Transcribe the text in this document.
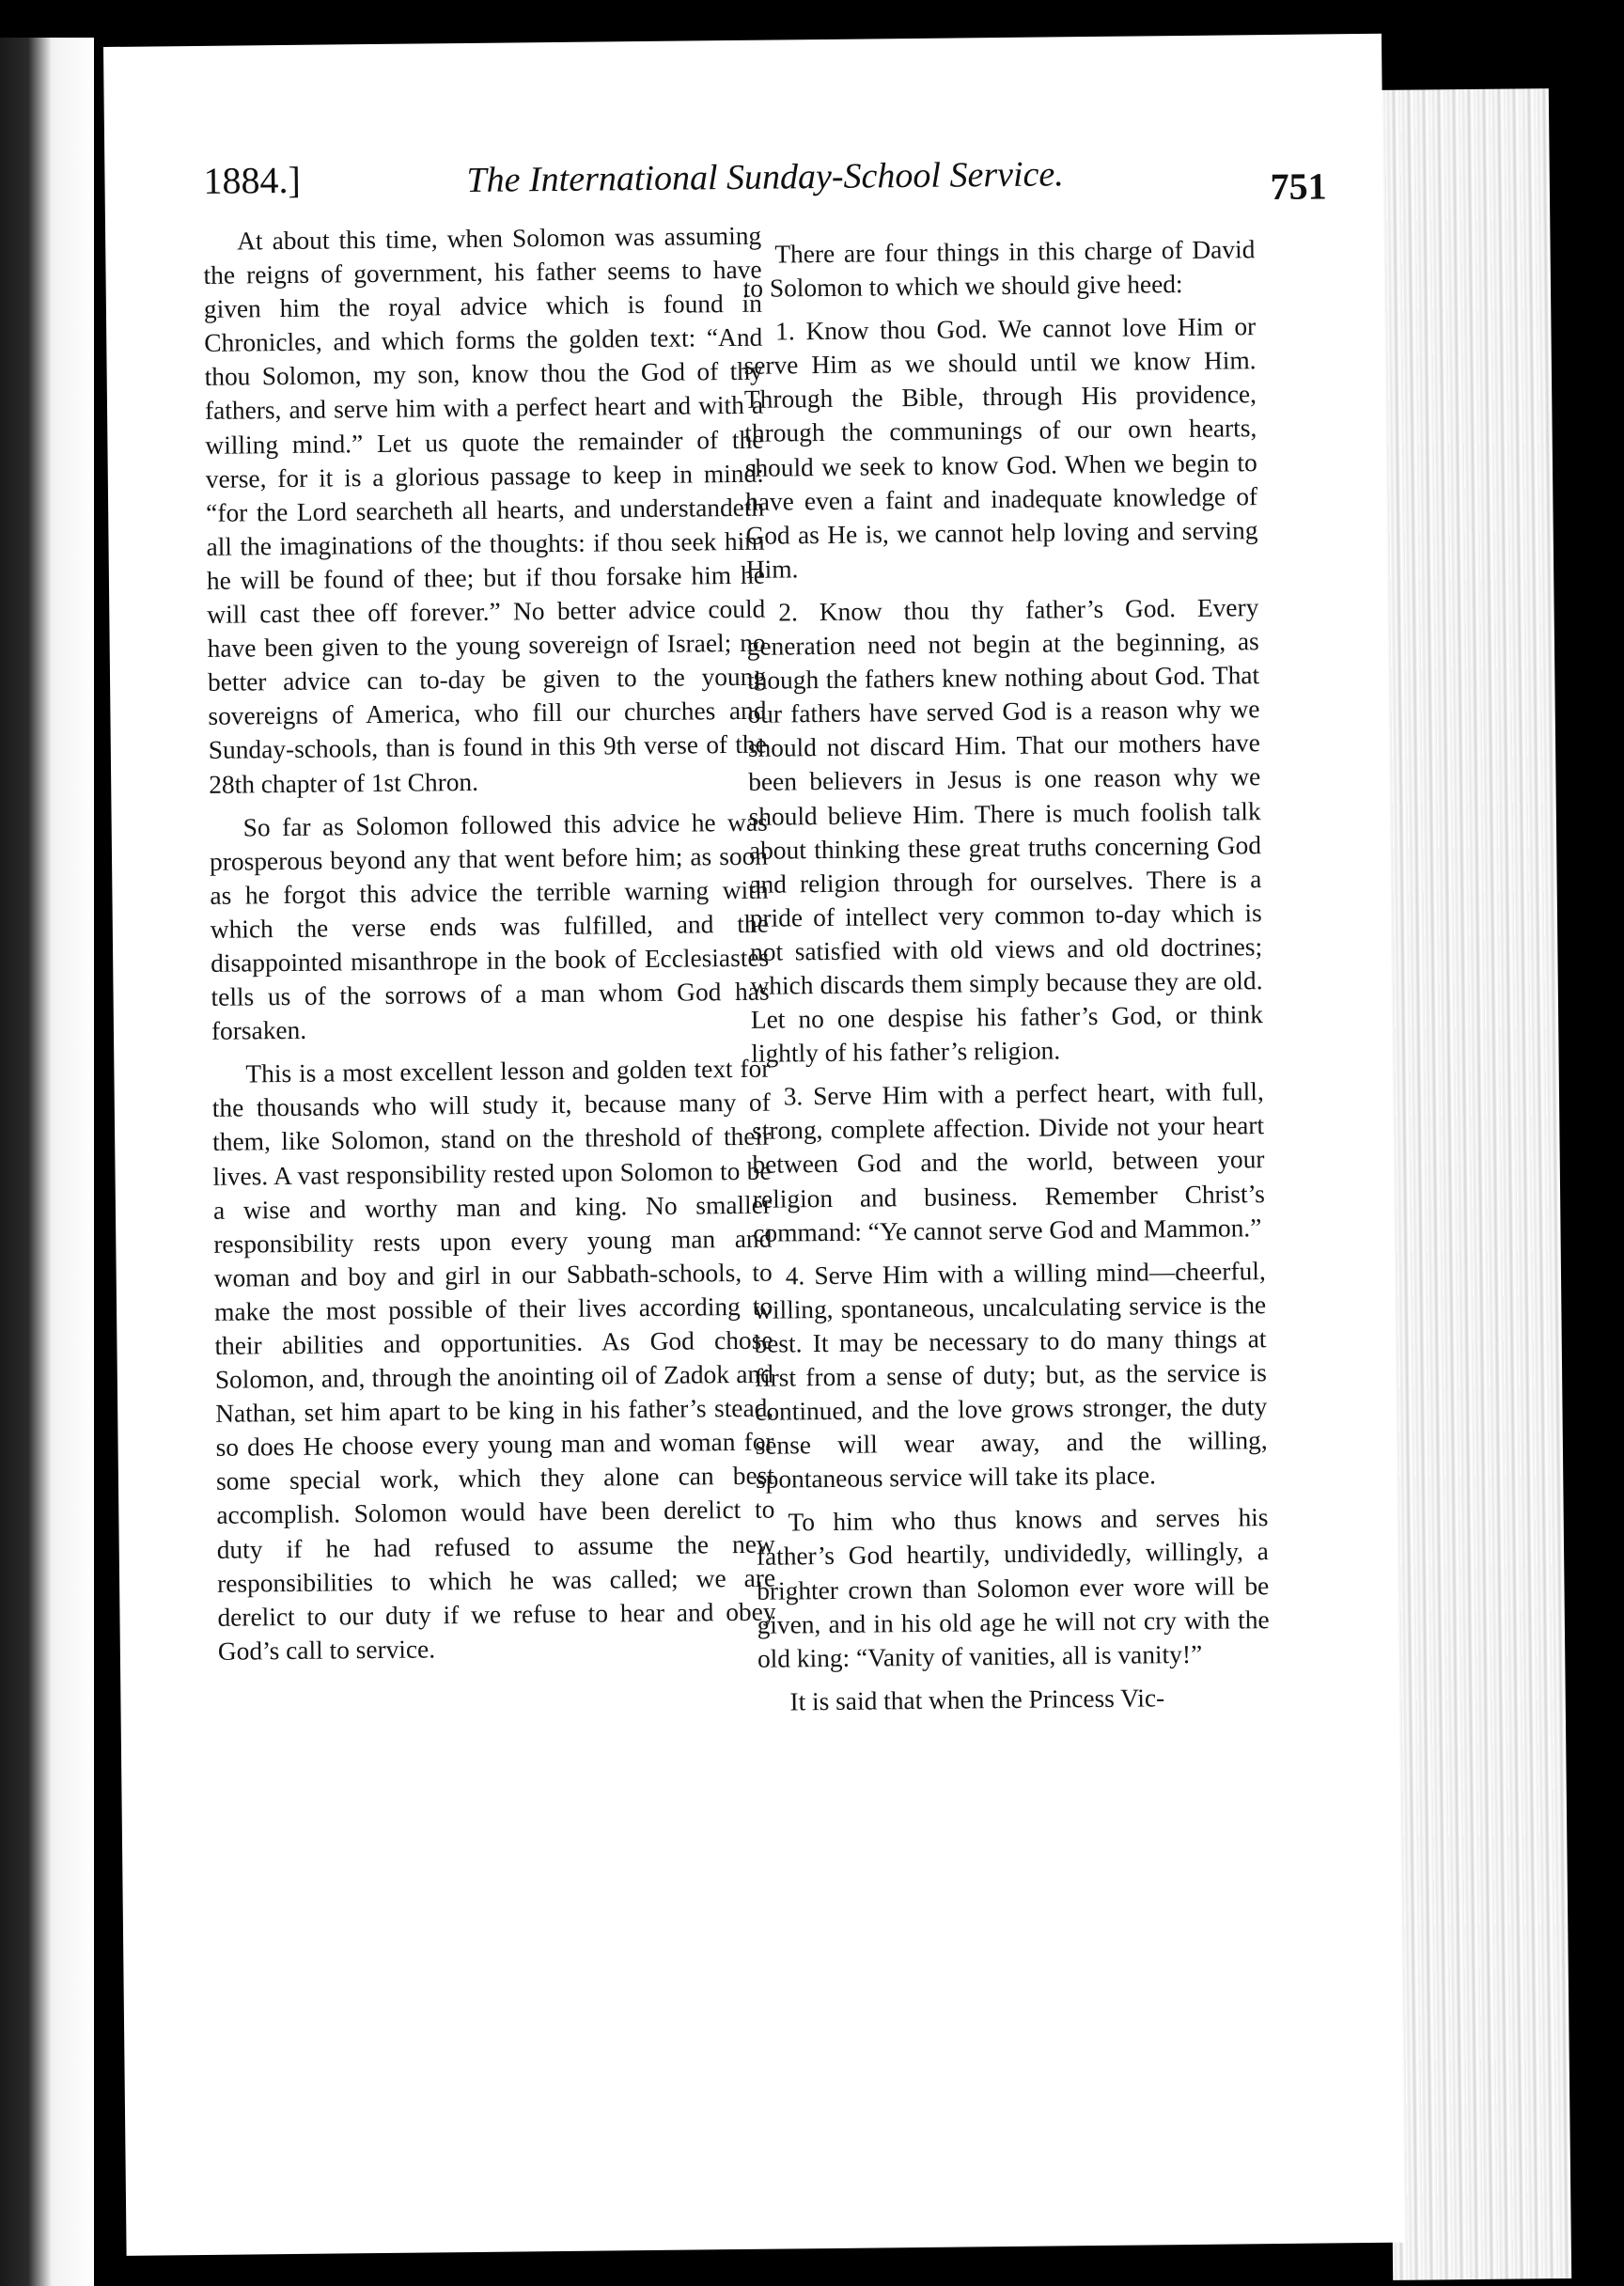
1884.]	The International Sunday-School Service.	751

At about this time, when Solomon was assuming the reigns of government, his father seems to have given him the royal advice which is found in Chronicles, and which forms the golden text: “And thou Solomon, my son, know thou the God of thy fathers, and serve him with a perfect heart and with a willing mind.” Let us quote the remainder of the verse, for it is a glorious passage to keep in mind: “for the Lord searcheth all hearts, and understandeth all the imaginations of the thoughts: if thou seek him he will be found of thee; but if thou forsake him he will cast thee off forever.” No better advice could have been given to the young sovereign of Israel; no better advice can to-day be given to the young sovereigns of America, who fill our churches and Sunday-schools, than is found in this 9th verse of the 28th chapter of 1st Chron.

So far as Solomon followed this advice he was prosperous beyond any that went before him; as soon as he forgot this advice the terrible warning with which the verse ends was fulfilled, and the disappointed misanthrope in the book of Ecclesiastes tells us of the sorrows of a man whom God has forsaken.

This is a most excellent lesson and golden text for the thousands who will study it, because many of them, like Solomon, stand on the threshold of their lives. A vast responsibility rested upon Solomon to be a wise and worthy man and king. No smaller responsibility rests upon every young man and woman and boy and girl in our Sabbath-schools, to make the most possible of their lives according to their abilities and opportunities. As God chose Solomon, and, through the anointing oil of Zadok and Nathan, set him apart to be king in his father’s stead, so does He choose every young man and woman for some special work, which they alone can best accomplish. Solomon would have been derelict to duty if he had refused to assume the new responsibilities to which he was called; we are derelict to our duty if we refuse to hear and obey God’s call to service.

There are four things in this charge of David to Solomon to which we should give heed:

1. Know thou God. We cannot love Him or serve Him as we should until we know Him. Through the Bible, through His providence, through the communings of our own hearts, should we seek to know God. When we begin to have even a faint and inadequate knowledge of God as He is, we cannot help loving and serving Him.

2. Know thou thy father’s God. Every generation need not begin at the beginning, as though the fathers knew nothing about God. That our fathers have served God is a reason why we should not discard Him. That our mothers have been believers in Jesus is one reason why we should believe Him. There is much foolish talk about thinking these great truths concerning God and religion through for ourselves. There is a pride of intellect very common to-day which is not satisfied with old views and old doctrines; which discards them simply because they are old. Let no one despise his father’s God, or think lightly of his father’s religion.

3. Serve Him with a perfect heart, with full, strong, complete affection. Divide not your heart between God and the world, between your religion and business. Remember Christ’s command: “Ye cannot serve God and Mammon.”

4. Serve Him with a willing mind—cheerful, willing, spontaneous, uncalculating service is the best. It may be necessary to do many things at first from a sense of duty; but, as the service is continued, and the love grows stronger, the duty sense will wear away, and the willing, spontaneous service will take its place.

To him who thus knows and serves his father’s God heartily, undividedly, willingly, a brighter crown than Solomon ever wore will be given, and in his old age he will not cry with the old king: “Vanity of vanities, all is vanity!”

It is said that when the Princess Vic-
